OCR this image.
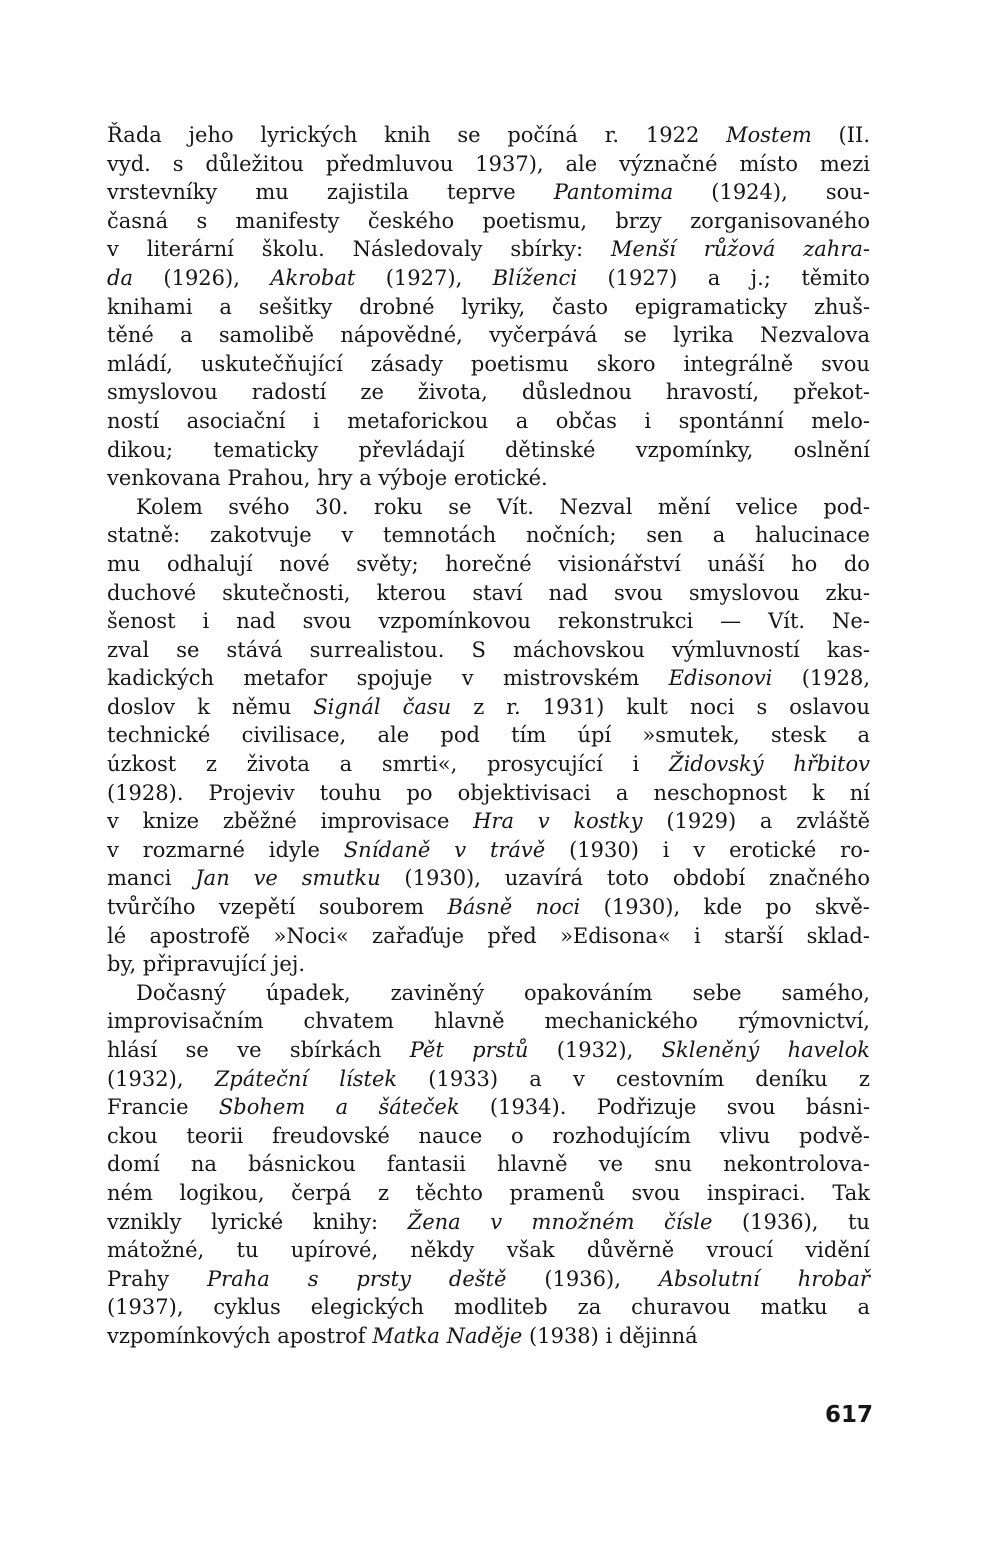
Řada jeho lyrických knih se počíná r. 1922 Mostem (II.
vyd. s důležitou předmluvou 1937), ale význačné místo mezi
vrstevníky mu zajistila teprve Pantomima (1924), sou-
časná s manifesty českého poetismu, brzy zorganisovaného
v literární školu. Následovaly sbírky: Menší růžová zahra-
da (1926), Akrobat (1927), Blíženci (1927) a j.; těmito
knihami a sešitky drobné lyriky, často epigramaticky zhuš-
těné a samolibě nápovědné, vyčerpává se lyrika Nezvalova
mládí, uskutečňující zásady poetismu skoro integrálně svou
smyslovou radostí ze života, důslednou hravostí, překot-
ností asociační i metaforickou a občas i spontánní melo-
dikou; tematicky převládají dětinské vzpomínky, oslnění
venkovana Prahou, hry a výboje erotické.
Kolem svého 30. roku se Vít. Nezval mění velice pod-
statně: zakotvuje v temnotách nočních; sen a halucinace
mu odhalují nové světy; horečné visionářství unáší ho do
duchové skutečnosti, kterou staví nad svou smyslovou zku-
šenost i nad svou vzpomínkovou rekonstrukci — Vít. Ne-
zval se stává surrealistou. S máchovskou výmluvností kas-
kadických metafor spojuje v mistrovském Edisonovi (1928,
doslov k němu Signál času z r. 1931) kult noci s oslavou
technické civilisace, ale pod tím úpí »smutek, stesk a
úzkost z života a smrti«, prosycující i Židovský hřbitov
(1928). Projeviv touhu po objektivisaci a neschopnost k ní
v knize zběžné improvisace Hra v kostky (1929) a zvláště
v rozmarné idyle Snídaně v trávě (1930) i v erotické ro-
manci Jan ve smutku (1930), uzavírá toto období značného
tvůrčího vzepětí souborem Básně noci (1930), kde po skvě-
lé apostrofě »Noci« zařaďuje před »Edisona« i starší sklad-
by, připravující jej.
Dočasný úpadek, zaviněný opakováním sebe samého,
improvisačním chvatem hlavně mechanického rýmovnictví,
hlásí se ve sbírkách Pět prstů (1932), Skleněný havelok
(1932), Zpáteční lístek (1933) a v cestovním deníku z
Francie Sbohem a šáteček (1934). Podřizuje svou básni-
ckou teorii freudovské nauce o rozhodujícím vlivu podvě-
domí na básnickou fantasii hlavně ve snu nekontrolova-
ném logikou, čerpá z těchto pramenů svou inspiraci. Tak
vznikly lyrické knihy: Žena v množném čísle (1936), tu
mátožné, tu upírové, někdy však důvěrně vroucí vidění
Prahy Praha s prsty deště (1936), Absolutní hrobař
(1937), cyklus elegických modliteb za churavou matku a
vzpomínkových apostrof Matka Naděje (1938) i dějinná
617
